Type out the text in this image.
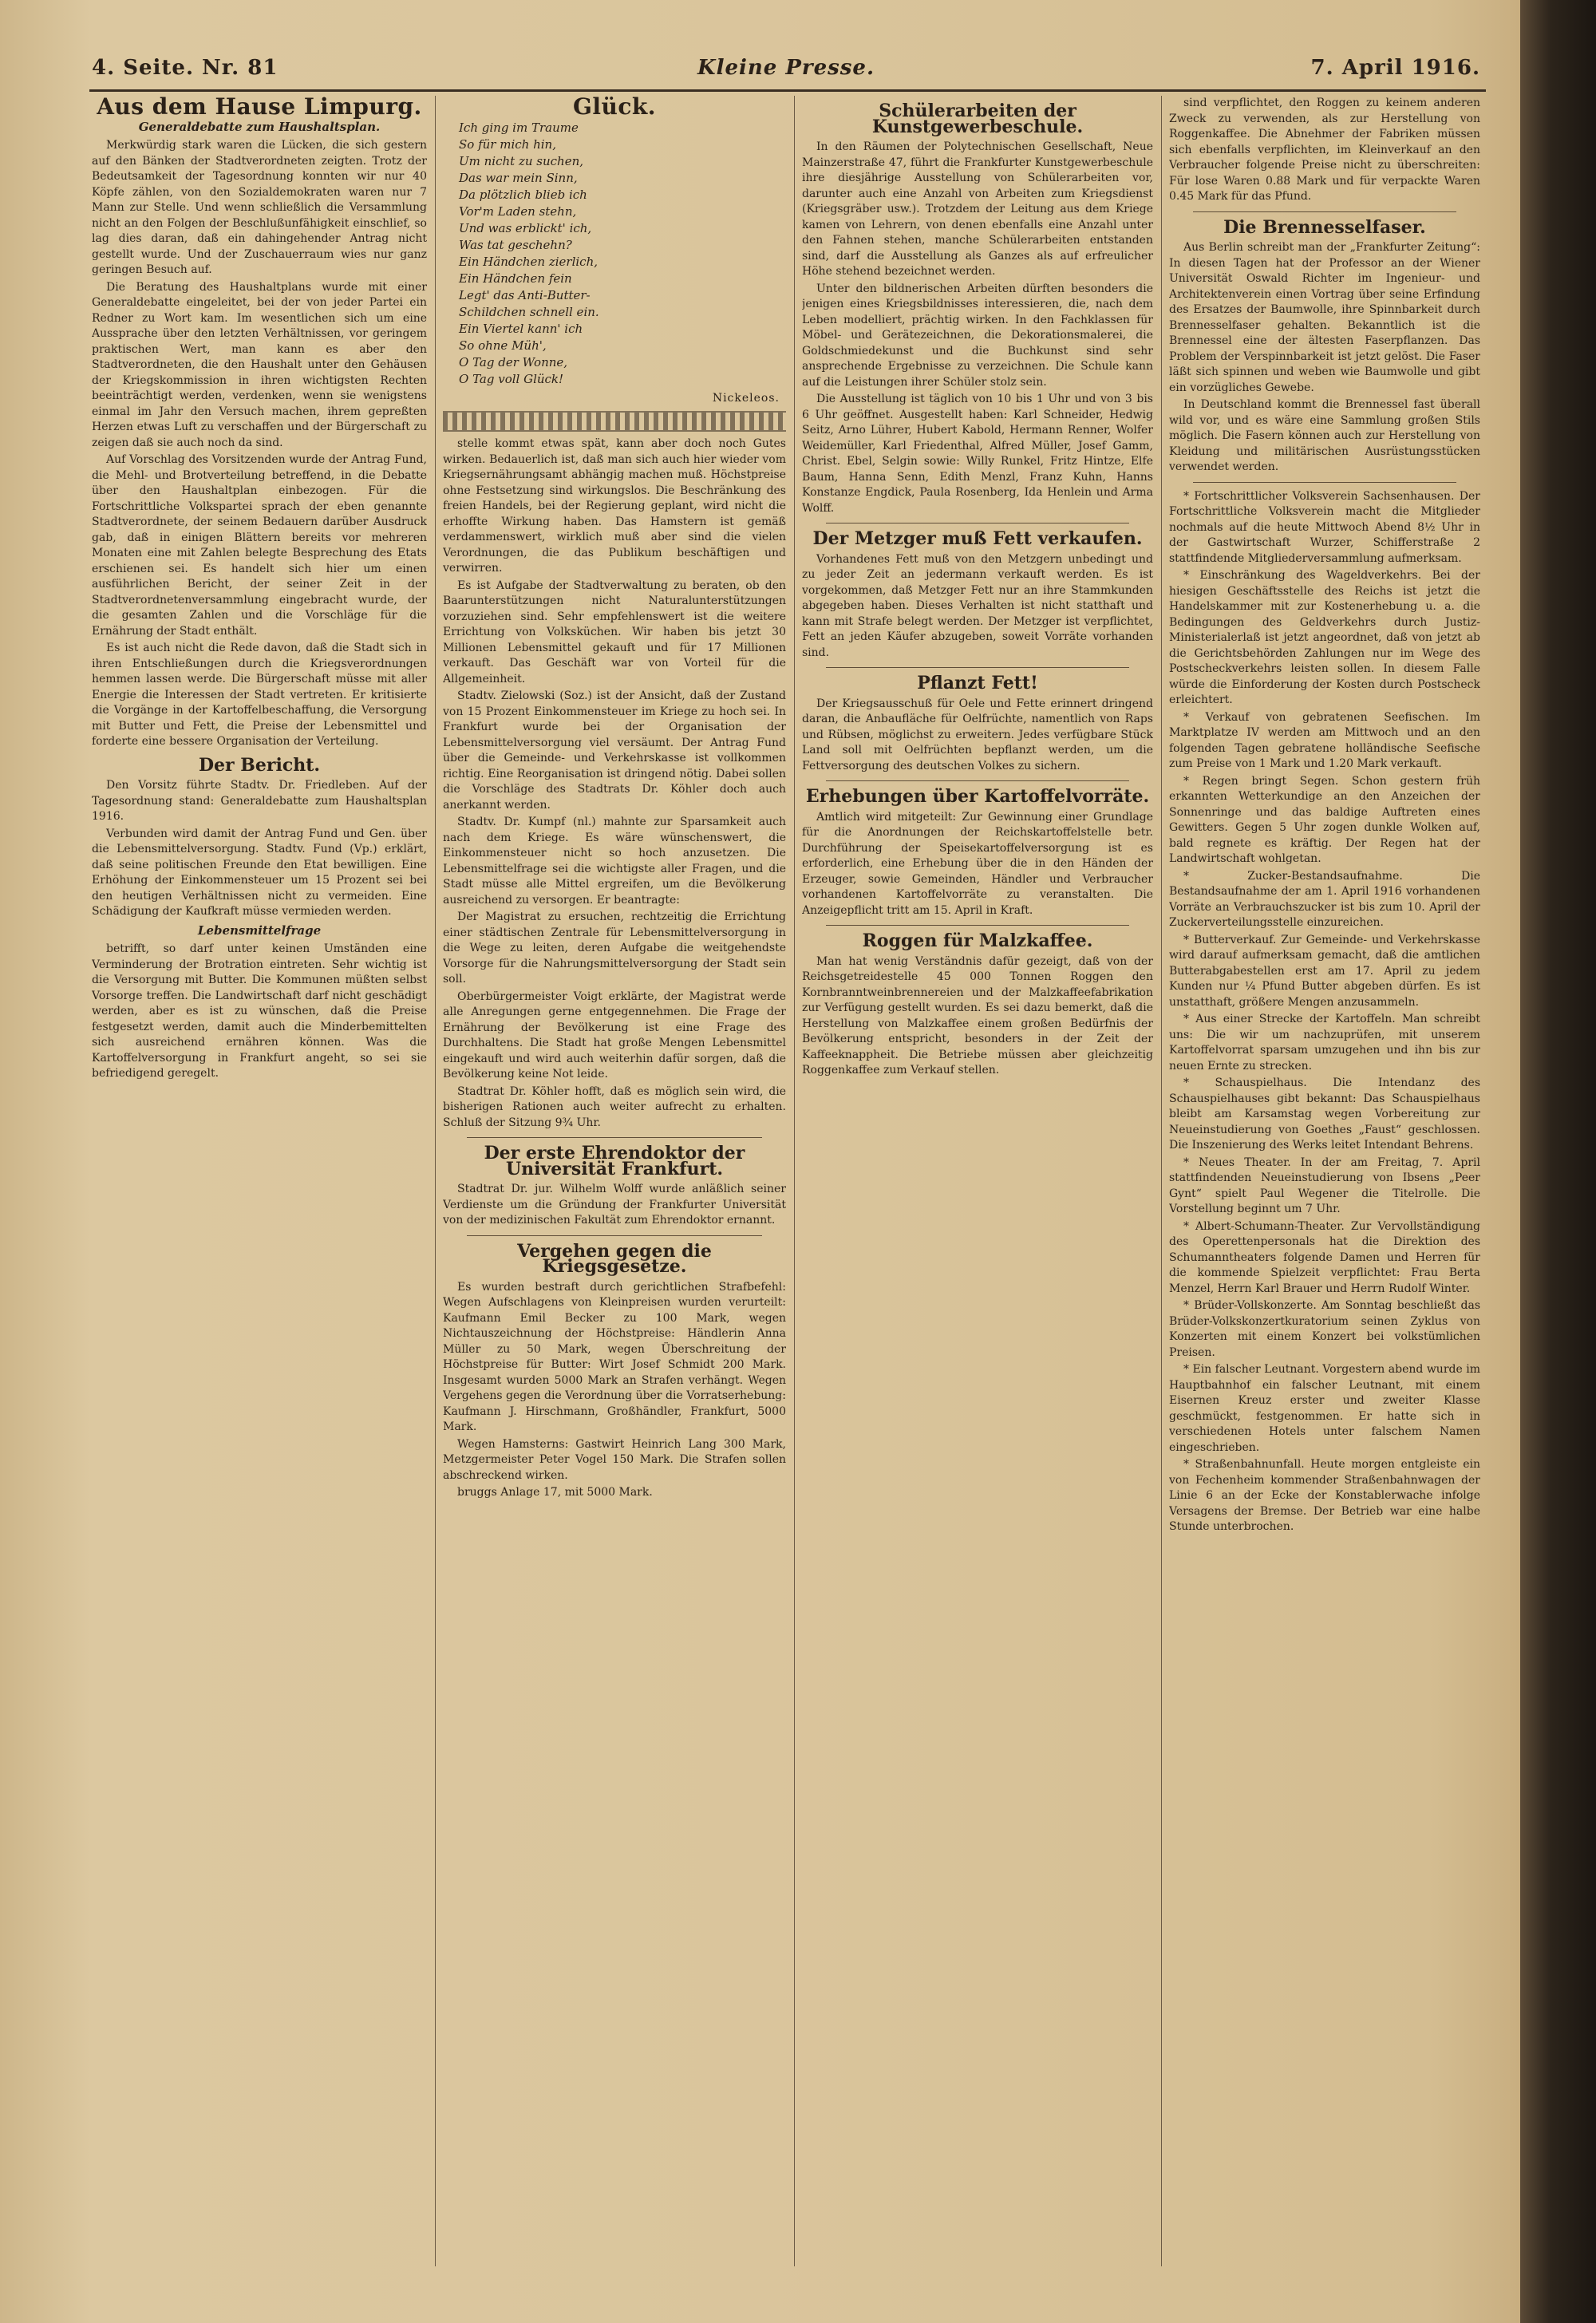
4. Seite. Nr. 81	Kleine Presse.	7. April 1916.
Aus dem Hause Limpurg.
Generaldebatte zum Haushaltsplan.

Merkwürdig stark waren die Lücken, die sich gestern auf den Bänken der Stadtverordneten zeigten. Trotz der Bedeutsamkeit der Tagesordnung konnten wir nur 40 Köpfe zählen, von den Sozialdemokraten waren nur 7 Mann zur Stelle. Und wenn schließlich die Versammlung nicht an den Folgen der Beschlußunfähigkeit einschlief, so lag dies daran, daß ein dahingehender Antrag nicht gestellt wurde. Und der Zuschauerraum wies nur ganz geringen Besuch auf.

Die Beratung des Haushaltplans wurde mit einer Generaldebatte eingeleitet, bei der von jeder Partei ein Redner zu Wort kam. Im wesentlichen sich um eine Aussprache über den letzten Verhältnissen, vor geringem praktischen Wert, man kann es aber den Stadtverordneten, die den Haushalt unter den Gehäusen der Kriegskommission in ihren wichtigsten Rechten beeinträchtigt werden, verdenken, wenn sie wenigstens einmal im Jahr den Versuch machen, ihrem gepreßten Herzen etwas Luft zu verschaffen und der Bürgerschaft zu zeigen daß sie auch noch da sind.

Auf Vorschlag des Vorsitzenden wurde der Antrag Fund, die Mehl- und Brotverteilung betreffend, in die Debatte über den Haushaltplan einbezogen. Für die Fortschrittliche Volkspartei sprach der eben genannte Stadtverordnete, der seinem Bedauern darüber Ausdruck gab, daß in einigen Blättern bereits vor mehreren Monaten eine mit Zahlen belegte Besprechung des Etats erschienen sei. Es handelt sich hier um einen ausführlichen Bericht, der seiner Zeit in der Stadtverordnetenversammlung eingebracht wurde, der die gesamten Zahlen und die Vorschläge für die Ernährung der Stadt enthält.

Es ist auch nicht die Rede davon, daß die Stadt sich in ihren Entschließungen durch die Kriegsverordnungen hemmen lassen werde. Die Bürgerschaft müsse mit aller Energie die Interessen der Stadt vertreten. Er kritisierte die Vorgänge in der Kartoffelbeschaffung, die Versorgung mit Butter und Fett, die Preise der Lebensmittel und forderte eine bessere Organisation der Verteilung.

Der Bericht.

Den Vorsitz führte Stadtv. Dr. Friedleben. Auf der Tagesordnung stand: Generaldebatte zum Haushaltsplan 1916.

Verbunden wird damit der Antrag Fund und Gen. über die Lebensmittelversorgung. Stadtv. Fund (Vp.) erklärt, daß seine politischen Freunde den Etat bewilligen. Eine Erhöhung der Einkommensteuer um 15 Prozent sei bei den heutigen Verhältnissen nicht zu vermeiden. Eine Schädigung der Kaufkraft müsse vermieden werden.

Lebensmittelfrage

betrifft, so darf unter keinen Umständen eine Verminderung der Brotration eintreten. Sehr wichtig ist die Versorgung mit Butter. Die Kommunen müßten selbst Vorsorge treffen. Die Landwirtschaft darf nicht geschädigt werden, aber es ist zu wünschen, daß die Preise festgesetzt werden, damit auch die Minderbemittelten sich ausreichend ernähren können. Was die Kartoffelversorgung in Frankfurt angeht, so sei sie befriedigend geregelt.

Glück.
Ich ging im Traume
So für mich hin,
Um nicht zu suchen,
Das war mein Sinn,
Da plötzlich blieb ich
Vor'm Laden stehn,
Und was erblickt' ich,
Was tat geschehn?
Ein Händchen zierlich,
Ein Händchen fein
Legt' das Anti-Butter-
Schildchen schnell ein.
Ein Viertel kann' ich
So ohne Müh',
O Tag der Wonne,
O Tag voll Glück!
Nickeleos.

stelle kommt etwas spät, kann aber doch noch Gutes wirken. Bedauerlich ist, daß man sich auch hier wieder vom Kriegsernährungsamt abhängig machen muß. Höchstpreise ohne Festsetzung sind wirkungslos. Die Beschränkung des freien Handels, bei der Regierung geplant, wird nicht die erhoffte Wirkung haben. Das Hamstern ist gemäß verdammenswert, wirklich muß aber sind die vielen Verordnungen, die das Publikum beschäftigen und verwirren.

Es ist Aufgabe der Stadtverwaltung zu beraten, ob den Baarunterstützungen nicht Naturalunterstützungen vorzuziehen sind. Sehr empfehlenswert ist die weitere Errichtung von Volksküchen. Wir haben bis jetzt 30 Millionen Lebensmittel gekauft und für 17 Millionen verkauft. Das Geschäft war von Vorteil für die Allgemeinheit.

Stadtv. Zielowski (Soz.) ist der Ansicht, daß der Zustand von 15 Prozent Einkommensteuer im Kriege zu hoch sei. In Frankfurt wurde bei der Organisation der Lebensmittelversorgung viel versäumt. Der Antrag Fund über die Gemeinde- und Verkehrskasse ist vollkommen richtig. Eine Reorganisation ist dringend nötig. Dabei sollen die Vorschläge des Stadtrats Dr. Köhler doch auch anerkannt werden.

Stadtv. Dr. Kumpf (nl.) mahnte zur Sparsamkeit auch nach dem Kriege. Es wäre wünschenswert, die Einkommensteuer nicht so hoch anzusetzen. Die Lebensmittelfrage sei die wichtigste aller Fragen, und die Stadt müsse alle Mittel ergreifen, um die Bevölkerung ausreichend zu versorgen. Er beantragte:

Der Magistrat zu ersuchen, rechtzeitig die Errichtung einer städtischen Zentrale für Lebensmittelversorgung in die Wege zu leiten, deren Aufgabe die weitgehendste Vorsorge für die Nahrungsmittelversorgung der Stadt sein soll.

Oberbürgermeister Voigt erklärte, der Magistrat werde alle Anregungen gerne entgegennehmen. Die Frage der Ernährung der Bevölkerung ist eine Frage des Durchhaltens. Die Stadt hat große Mengen Lebensmittel eingekauft und wird auch weiterhin dafür sorgen, daß die Bevölkerung keine Not leide.

Stadtrat Dr. Köhler hofft, daß es möglich sein wird, die bisherigen Rationen auch weiter aufrecht zu erhalten. Schluß der Sitzung 9¾ Uhr.

Der erste Ehrendoktor der Universität Frankfurt.

Stadtrat Dr. jur. Wilhelm Wolff wurde anläßlich seiner Verdienste um die Gründung der Frankfurter Universität von der medizinischen Fakultät zum Ehrendoktor ernannt.

Vergehen gegen die Kriegsgesetze.

Es wurden bestraft durch gerichtlichen Strafbefehl: Wegen Aufschlagens von Kleinpreisen wurden verurteilt: Kaufmann Emil Becker zu 100 Mark, wegen Nichtauszeichnung der Höchstpreise: Händlerin Anna Müller zu 50 Mark, wegen Überschreitung der Höchstpreise für Butter: Wirt Josef Schmidt 200 Mark. Insgesamt wurden 5000 Mark an Strafen verhängt. Wegen Vergehens gegen die Verordnung über die Vorratserhebung: Kaufmann J. Hirschmann, Großhändler, Frankfurt, 5000 Mark.

Wegen Hamsterns: Gastwirt Heinrich Lang 300 Mark, Metzgermeister Peter Vogel 150 Mark. Die Strafen sollen abschreckend wirken.

bruggs Anlage 17, mit 5000 Mark.

Schülerarbeiten der Kunstgewerbeschule.

In den Räumen der Polytechnischen Gesellschaft, Neue Mainzerstraße 47, führt die Frankfurter Kunstgewerbeschule ihre diesjährige Ausstellung von Schülerarbeiten vor, darunter auch eine Anzahl von Arbeiten zum Kriegsdienst (Kriegsgräber usw.). Trotzdem der Leitung aus dem Kriege kamen von Lehrern, von denen ebenfalls eine Anzahl unter den Fahnen stehen, manche Schülerarbeiten entstanden sind, darf die Ausstellung als Ganzes als auf erfreulicher Höhe stehend bezeichnet werden.

Unter den bildnerischen Arbeiten dürften besonders die jenigen eines Kriegsbildnisses interessieren, die, nach dem Leben modelliert, prächtig wirken. In den Fachklassen für Möbel- und Gerätezeichnen, die Dekorationsmalerei, die Goldschmiedekunst und die Buchkunst sind sehr ansprechende Ergebnisse zu verzeichnen. Die Schule kann auf die Leistungen ihrer Schüler stolz sein.

Die Ausstellung ist täglich von 10 bis 1 Uhr und von 3 bis 6 Uhr geöffnet. Ausgestellt haben: Karl Schneider, Hedwig Seitz, Arno Lührer, Hubert Kabold, Hermann Renner, Wolfer Weidemüller, Karl Friedenthal, Alfred Müller, Josef Gamm, Christ. Ebel, Selgin sowie: Willy Runkel, Fritz Hintze, Elfe Baum, Hanna Senn, Edith Menzl, Franz Kuhn, Hanns Konstanze Engdick, Paula Rosenberg, Ida Henlein und Arma Wolff.

Der Metzger muß Fett verkaufen.

Vorhandenes Fett muß von den Metzgern unbedingt und zu jeder Zeit an jedermann verkauft werden. Es ist vorgekommen, daß Metzger Fett nur an ihre Stammkunden abgegeben haben. Dieses Verhalten ist nicht statthaft und kann mit Strafe belegt werden. Der Metzger ist verpflichtet, Fett an jeden Käufer abzugeben, soweit Vorräte vorhanden sind.

Pflanzt Fett!

Der Kriegsausschuß für Oele und Fette erinnert dringend daran, die Anbaufläche für Oelfrüchte, namentlich von Raps und Rübsen, möglichst zu erweitern. Jedes verfügbare Stück Land soll mit Oelfrüchten bepflanzt werden, um die Fettversorgung des deutschen Volkes zu sichern.

Erhebungen über Kartoffelvorräte.

Amtlich wird mitgeteilt: Zur Gewinnung einer Grundlage für die Anordnungen der Reichskartoffelstelle betr. Durchführung der Speisekartoffelversorgung ist es erforderlich, eine Erhebung über die in den Händen der Erzeuger, sowie Gemeinden, Händler und Verbraucher vorhandenen Kartoffelvorräte zu veranstalten. Die Anzeigepflicht tritt am 15. April in Kraft.

Roggen für Malzkaffee.

Man hat wenig Verständnis dafür gezeigt, daß von der Reichsgetreidestelle 45 000 Tonnen Roggen den Kornbranntweinbrennereien und der Malzkaffeefabrikation zur Verfügung gestellt wurden. Es sei dazu bemerkt, daß die Herstellung von Malzkaffee einem großen Bedürfnis der Bevölkerung entspricht, besonders in der Zeit der Kaffeeknappheit. Die Betriebe müssen aber gleichzeitig Roggenkaffee zum Verkauf stellen.

sind verpflichtet, den Roggen zu keinem anderen Zweck zu verwenden, als zur Herstellung von Roggenkaffee. Die Abnehmer der Fabriken müssen sich ebenfalls verpflichten, im Kleinverkauf an den Verbraucher folgende Preise nicht zu überschreiten: Für lose Waren 0.88 Mark und für verpackte Waren 0.45 Mark für das Pfund.

Die Brennesselfaser.

Aus Berlin schreibt man der „Frankfurter Zeitung“: In diesen Tagen hat der Professor an der Wiener Universität Oswald Richter im Ingenieur- und Architektenverein einen Vortrag über seine Erfindung des Ersatzes der Baumwolle, ihre Spinnbarkeit durch Brennesselfaser gehalten. Bekanntlich ist die Brennessel eine der ältesten Faserpflanzen. Das Problem der Verspinnbarkeit ist jetzt gelöst. Die Faser läßt sich spinnen und weben wie Baumwolle und gibt ein vorzügliches Gewebe.

In Deutschland kommt die Brennessel fast überall wild vor, und es wäre eine Sammlung großen Stils möglich. Die Fasern können auch zur Herstellung von Kleidung und militärischen Ausrüstungsstücken verwendet werden.

* Fortschrittlicher Volksverein Sachsenhausen. Der Fortschrittliche Volksverein macht die Mitglieder nochmals auf die heute Mittwoch Abend 8½ Uhr in der Gastwirtschaft Wurzer, Schifferstraße 2 stattfindende Mitgliederversammlung aufmerksam.

* Einschränkung des Wageldverkehrs. Bei der hiesigen Geschäftsstelle des Reichs ist jetzt die Handelskammer mit zur Kostenerhebung u. a. die Bedingungen des Geldverkehrs durch Justiz-Ministerialerlaß ist jetzt angeordnet, daß von jetzt ab die Gerichtsbehörden Zahlungen nur im Wege des Postscheckverkehrs leisten sollen. In diesem Falle würde die Einforderung der Kosten durch Postscheck erleichtert.

* Verkauf von gebratenen Seefischen. Im Marktplatze IV werden am Mittwoch und an den folgenden Tagen gebratene holländische Seefische zum Preise von 1 Mark und 1.20 Mark verkauft.

* Regen bringt Segen. Schon gestern früh erkannten Wetterkundige an den Anzeichen der Sonnenringe und das baldige Auftreten eines Gewitters. Gegen 5 Uhr zogen dunkle Wolken auf, bald regnete es kräftig. Der Regen hat der Landwirtschaft wohlgetan.

* Zucker-Bestandsaufnahme. Die Bestandsaufnahme der am 1. April 1916 vorhandenen Vorräte an Verbrauchszucker ist bis zum 10. April der Zuckerverteilungsstelle einzureichen.

* Butterverkauf. Zur Gemeinde- und Verkehrskasse wird darauf aufmerksam gemacht, daß die amtlichen Butterabgabestellen erst am 17. April zu jedem Kunden nur ¼ Pfund Butter abgeben dürfen. Es ist unstatthaft, größere Mengen anzusammeln.

* Aus einer Strecke der Kartoffeln. Man schreibt uns: Die wir um nachzuprüfen, mit unserem Kartoffelvorrat sparsam umzugehen und ihn bis zur neuen Ernte zu strecken.

* Schauspielhaus. Die Intendanz des Schauspielhauses gibt bekannt: Das Schauspielhaus bleibt am Karsamstag wegen Vorbereitung zur Neueinstudierung von Goethes „Faust“ geschlossen. Die Inszenierung des Werks leitet Intendant Behrens.

* Neues Theater. In der am Freitag, 7. April stattfindenden Neueinstudierung von Ibsens „Peer Gynt“ spielt Paul Wegener die Titelrolle. Die Vorstellung beginnt um 7 Uhr.

* Albert-Schumann-Theater. Zur Vervollständigung des Operettenpersonals hat die Direktion des Schumanntheaters folgende Damen und Herren für die kommende Spielzeit verpflichtet: Frau Berta Menzel, Herrn Karl Brauer und Herrn Rudolf Winter.

* Brüder-Vollskonzerte. Am Sonntag beschließt das Brüder-Volkskonzertkuratorium seinen Zyklus von Konzerten mit einem Konzert bei volkstümlichen Preisen.

* Ein falscher Leutnant. Vorgestern abend wurde im Hauptbahnhof ein falscher Leutnant, mit einem Eisernen Kreuz erster und zweiter Klasse geschmückt, festgenommen. Er hatte sich in verschiedenen Hotels unter falschem Namen eingeschrieben.

* Straßenbahnunfall. Heute morgen entgleiste ein von Fechenheim kommender Straßenbahnwagen der Linie 6 an der Ecke der Konstablerwache infolge Versagens der Bremse. Der Betrieb war eine halbe Stunde unterbrochen.
